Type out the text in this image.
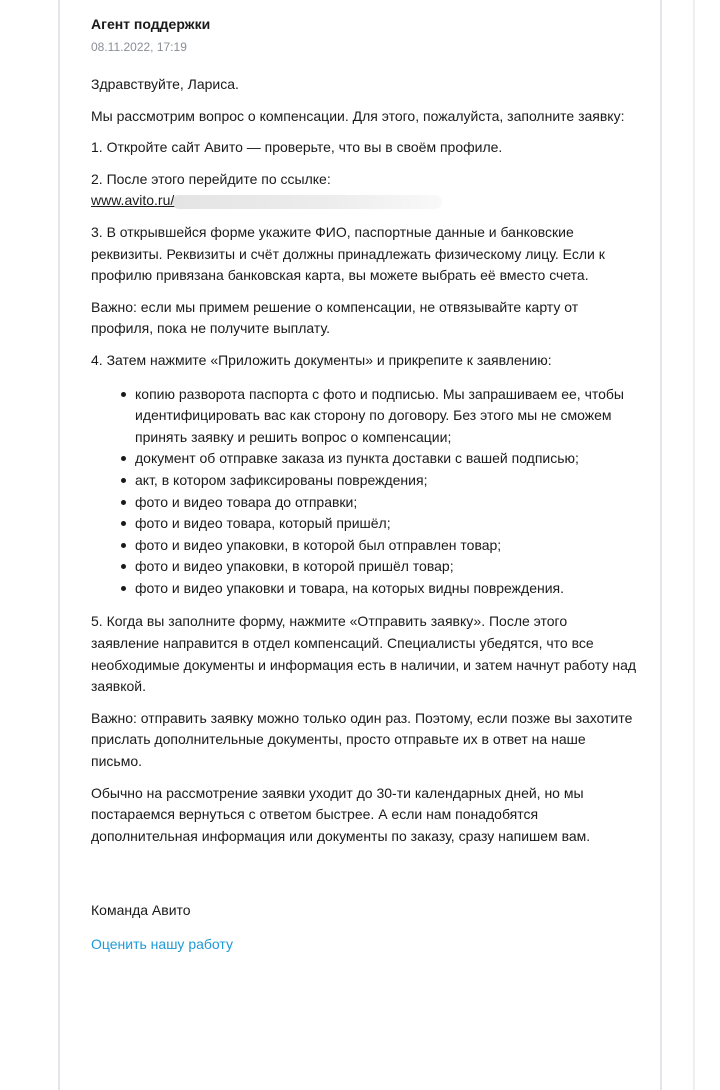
Агент поддержки
08.11.2022, 17:19

Здравствуйте, Лариса.

Мы рассмотрим вопрос о компенсации. Для этого, пожалуйста, заполните заявку:

1. Откройте сайт Авито — проверьте, что вы в своём профиле.

2. После этого перейдите по ссылке:
www.avito.ru/

3. В открывшейся форме укажите ФИО, паспортные данные и банковские реквизиты. Реквизиты и счёт должны принадлежать физическому лицу. Если к профилю привязана банковская карта, вы можете выбрать её вместо счета.

Важно: если мы примем решение о компенсации, не отвязывайте карту от профиля, пока не получите выплату.

4. Затем нажмите «Приложить документы» и прикрепите к заявлению:

копию разворота паспорта с фото и подписью. Мы запрашиваем ее, чтобы идентифицировать вас как сторону по договору. Без этого мы не сможем принять заявку и решить вопрос о компенсации;
документ об отправке заказа из пункта доставки с вашей подписью;
акт, в котором зафиксированы повреждения;
фото и видео товара до отправки;
фото и видео товара, который пришёл;
фото и видео упаковки, в которой был отправлен товар;
фото и видео упаковки, в которой пришёл товар;
фото и видео упаковки и товара, на которых видны повреждения.

5. Когда вы заполните форму, нажмите «Отправить заявку». После этого заявление направится в отдел компенсаций. Специалисты убедятся, что все необходимые документы и информация есть в наличии, и затем начнут работу над заявкой.

Важно: отправить заявку можно только один раз. Поэтому, если позже вы захотите прислать дополнительные документы, просто отправьте их в ответ на наше письмо.

Обычно на рассмотрение заявки уходит до 30-ти календарных дней, но мы постараемся вернуться с ответом быстрее. А если нам понадобятся дополнительная информация или документы по заказу, сразу напишем вам.

Команда Авито

Оценить нашу работу
